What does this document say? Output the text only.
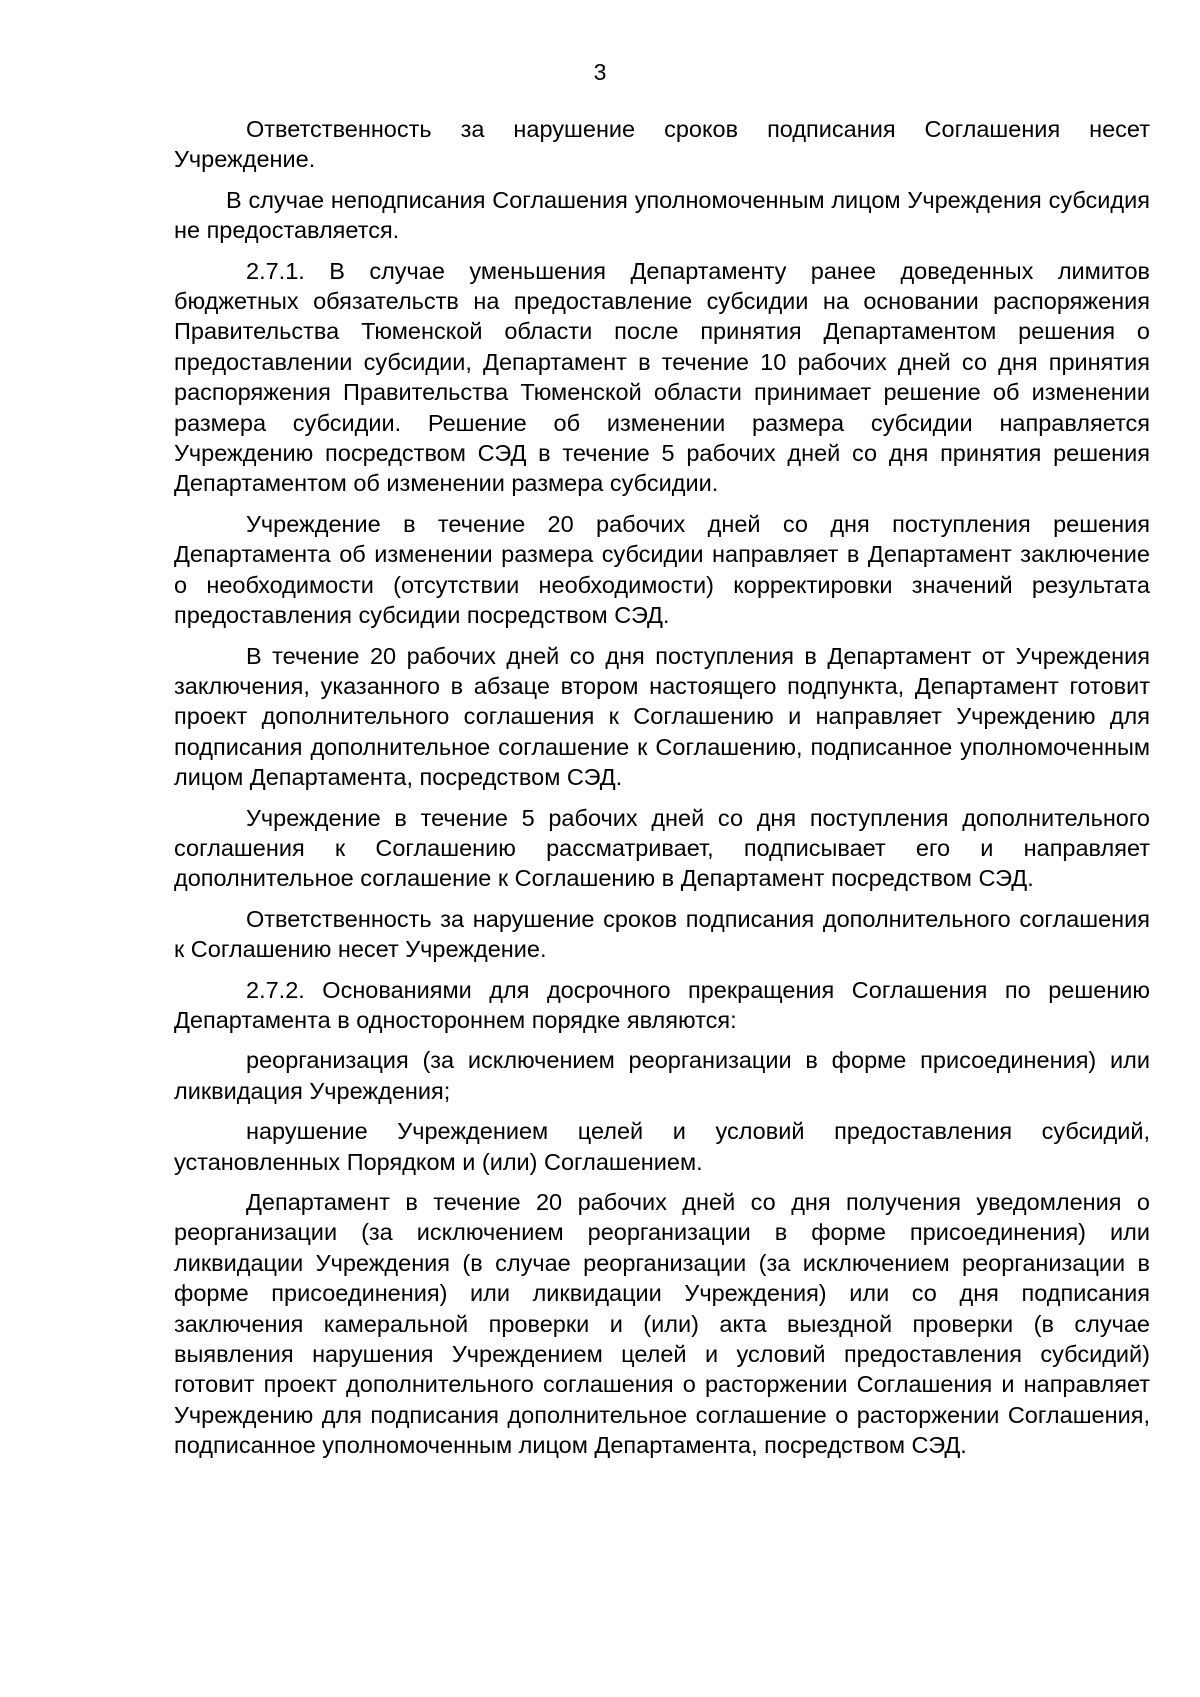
3

Ответственность за нарушение сроков подписания Соглашения несет Учреждение.

В случае неподписания Соглашения уполномоченным лицом Учреждения субсидия не предоставляется.

2.7.1. В случае уменьшения Департаменту ранее доведенных лимитов бюджетных обязательств на предоставление субсидии на основании распоряжения Правительства Тюменской области после принятия Департаментом решения о предоставлении субсидии, Департамент в течение 10 рабочих дней со дня принятия распоряжения Правительства Тюменской области принимает решение об изменении размера субсидии. Решение об изменении размера субсидии направляется Учреждению посредством СЭД в течение 5 рабочих дней со дня принятия решения Департаментом об изменении размера субсидии.

Учреждение в течение 20 рабочих дней со дня поступления решения Департамента об изменении размера субсидии направляет в Департамент заключение о необходимости (отсутствии необходимости) корректировки значений результата предоставления субсидии посредством СЭД.

В течение 20 рабочих дней со дня поступления в Департамент от Учреждения заключения, указанного в абзаце втором настоящего подпункта, Департамент готовит проект дополнительного соглашения к Соглашению и направляет Учреждению для подписания дополнительное соглашение к Соглашению, подписанное уполномоченным лицом Департамента, посредством СЭД.

Учреждение в течение 5 рабочих дней со дня поступления дополнительного соглашения к Соглашению рассматривает, подписывает его и направляет дополнительное соглашение к Соглашению в Департамент посредством СЭД.

Ответственность за нарушение сроков подписания дополнительного соглашения к Соглашению несет Учреждение.

2.7.2. Основаниями для досрочного прекращения Соглашения по решению Департамента в одностороннем порядке являются:

реорганизация (за исключением реорганизации в форме присоединения) или ликвидация Учреждения;

нарушение Учреждением целей и условий предоставления субсидий, установленных Порядком и (или) Соглашением.

Департамент в течение 20 рабочих дней со дня получения уведомления о реорганизации (за исключением реорганизации в форме присоединения) или ликвидации Учреждения (в случае реорганизации (за исключением реорганизации в форме присоединения) или ликвидации Учреждения) или со дня подписания заключения камеральной проверки и (или) акта выездной проверки (в случае выявления нарушения Учреждением целей и условий предоставления субсидий) готовит проект дополнительного соглашения о расторжении Соглашения и направляет Учреждению для подписания дополнительное соглашение о расторжении Соглашения, подписанное уполномоченным лицом Департамента, посредством СЭД.
